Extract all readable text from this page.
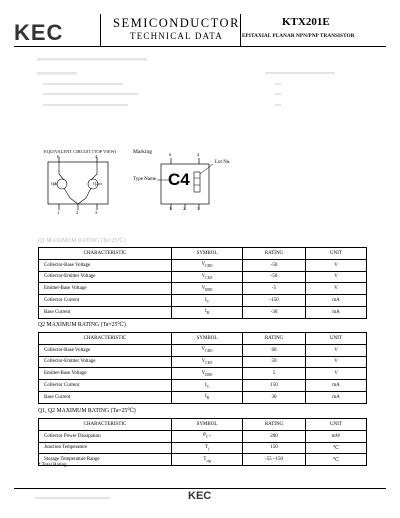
KEC	SEMICONDUCTOR
TECHNICAL DATA
KTX201E
EPITAXIAL PLANAR NPN/PNP TRANSISTOR
EQUIVALENT CIRCUIT (TOP VIEW)
6	4
1	2	3
Q1	Q2
Marking
C4
Type Name
Lot No.
6	4
1	2	3
Q1 MAXIMUM RATING (Ta=25℃)
CHARACTERISTIC	SYMBOL	RATING	UNIT
Collector-Base Voltage	$V_{CBO}$	-50	V
Collector-Emitter Voltage	$V_{CEO}$	-50	V
Emitter-Base Voltage	$V_{EBO}$	-5	V
Collector Current	$I_C$	-150	mA
Base Current	$I_B$	-30	mA
Q2 MAXIMUM RATING (Ta=25℃)
CHARACTERISTIC	SYMBOL	RATING	UNIT
Collector-Base Voltage	$V_{CBO}$	60	V
Collector-Emitter Voltage	$V_{CEO}$	50	V
Emitter-Base Voltage	$V_{EBO}$	5	V
Collector Current	$I_C$	150	mA
Base Current	$I_B$	30	mA
Q1, Q2 MAXIMUM RATING (Ta=25℃)
CHARACTERISTIC	SYMBOL	RATING	UNIT
Collector Power Dissipation	$P_{C *}$	200	mW
Junction Temperature	$T_j$	150	℃
Storage Temperature Range	$T_{stg}$	-55 ~150	℃
* Total Rating.
KEC
